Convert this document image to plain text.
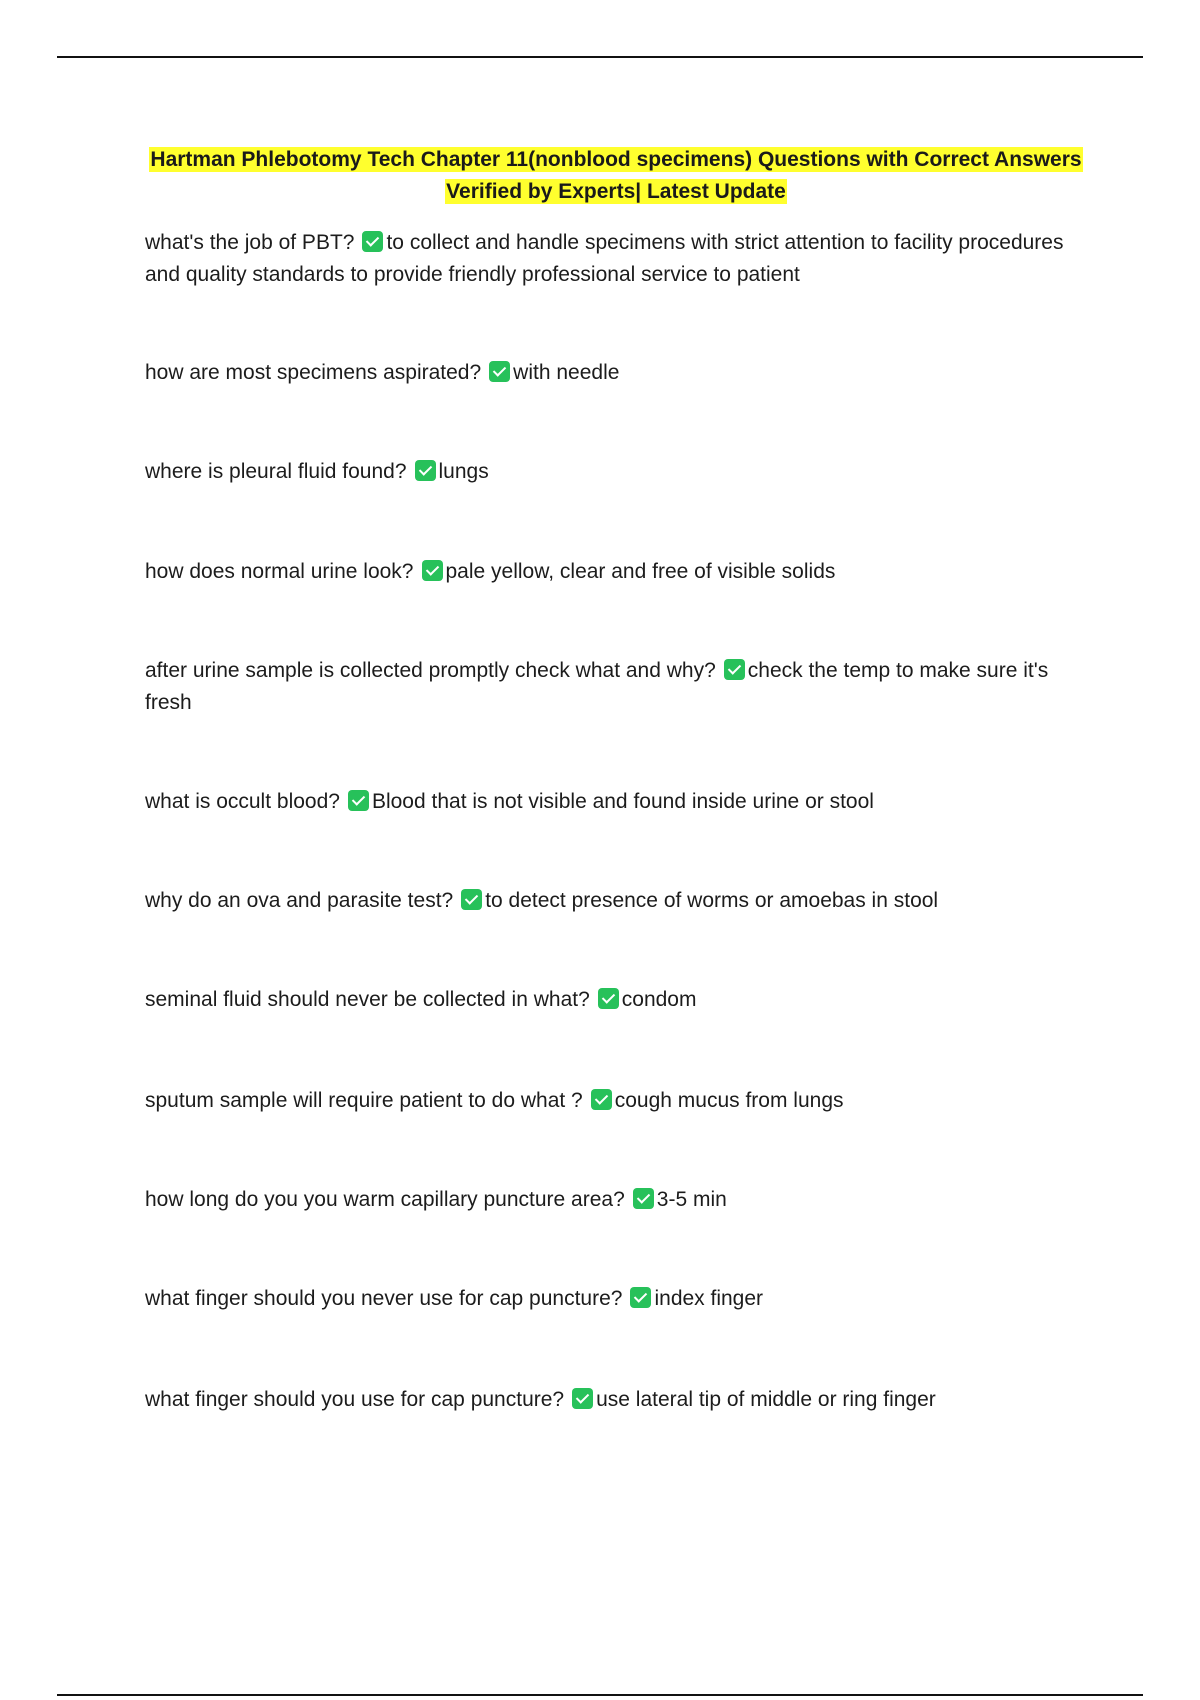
Hartman Phlebotomy Tech Chapter 11(nonblood specimens) Questions with Correct Answers
Verified by Experts| Latest Update
what's the job of PBT? to collect and handle specimens with strict attention to facility procedures and quality standards to provide friendly professional service to patient
how are most specimens aspirated? with needle
where is pleural fluid found? lungs
how does normal urine look? pale yellow, clear and free of visible solids
after urine sample is collected promptly check what and why? check the temp to make sure it's fresh
what is occult blood? Blood that is not visible and found inside urine or stool
why do an ova and parasite test? to detect presence of worms or amoebas in stool
seminal fluid should never be collected in what? condom
sputum sample will require patient to do what ? cough mucus from lungs
how long do you you warm capillary puncture area? 3-5 min
what finger should you never use for cap puncture? index finger
what finger should you use for cap puncture? use lateral tip of middle or ring finger
